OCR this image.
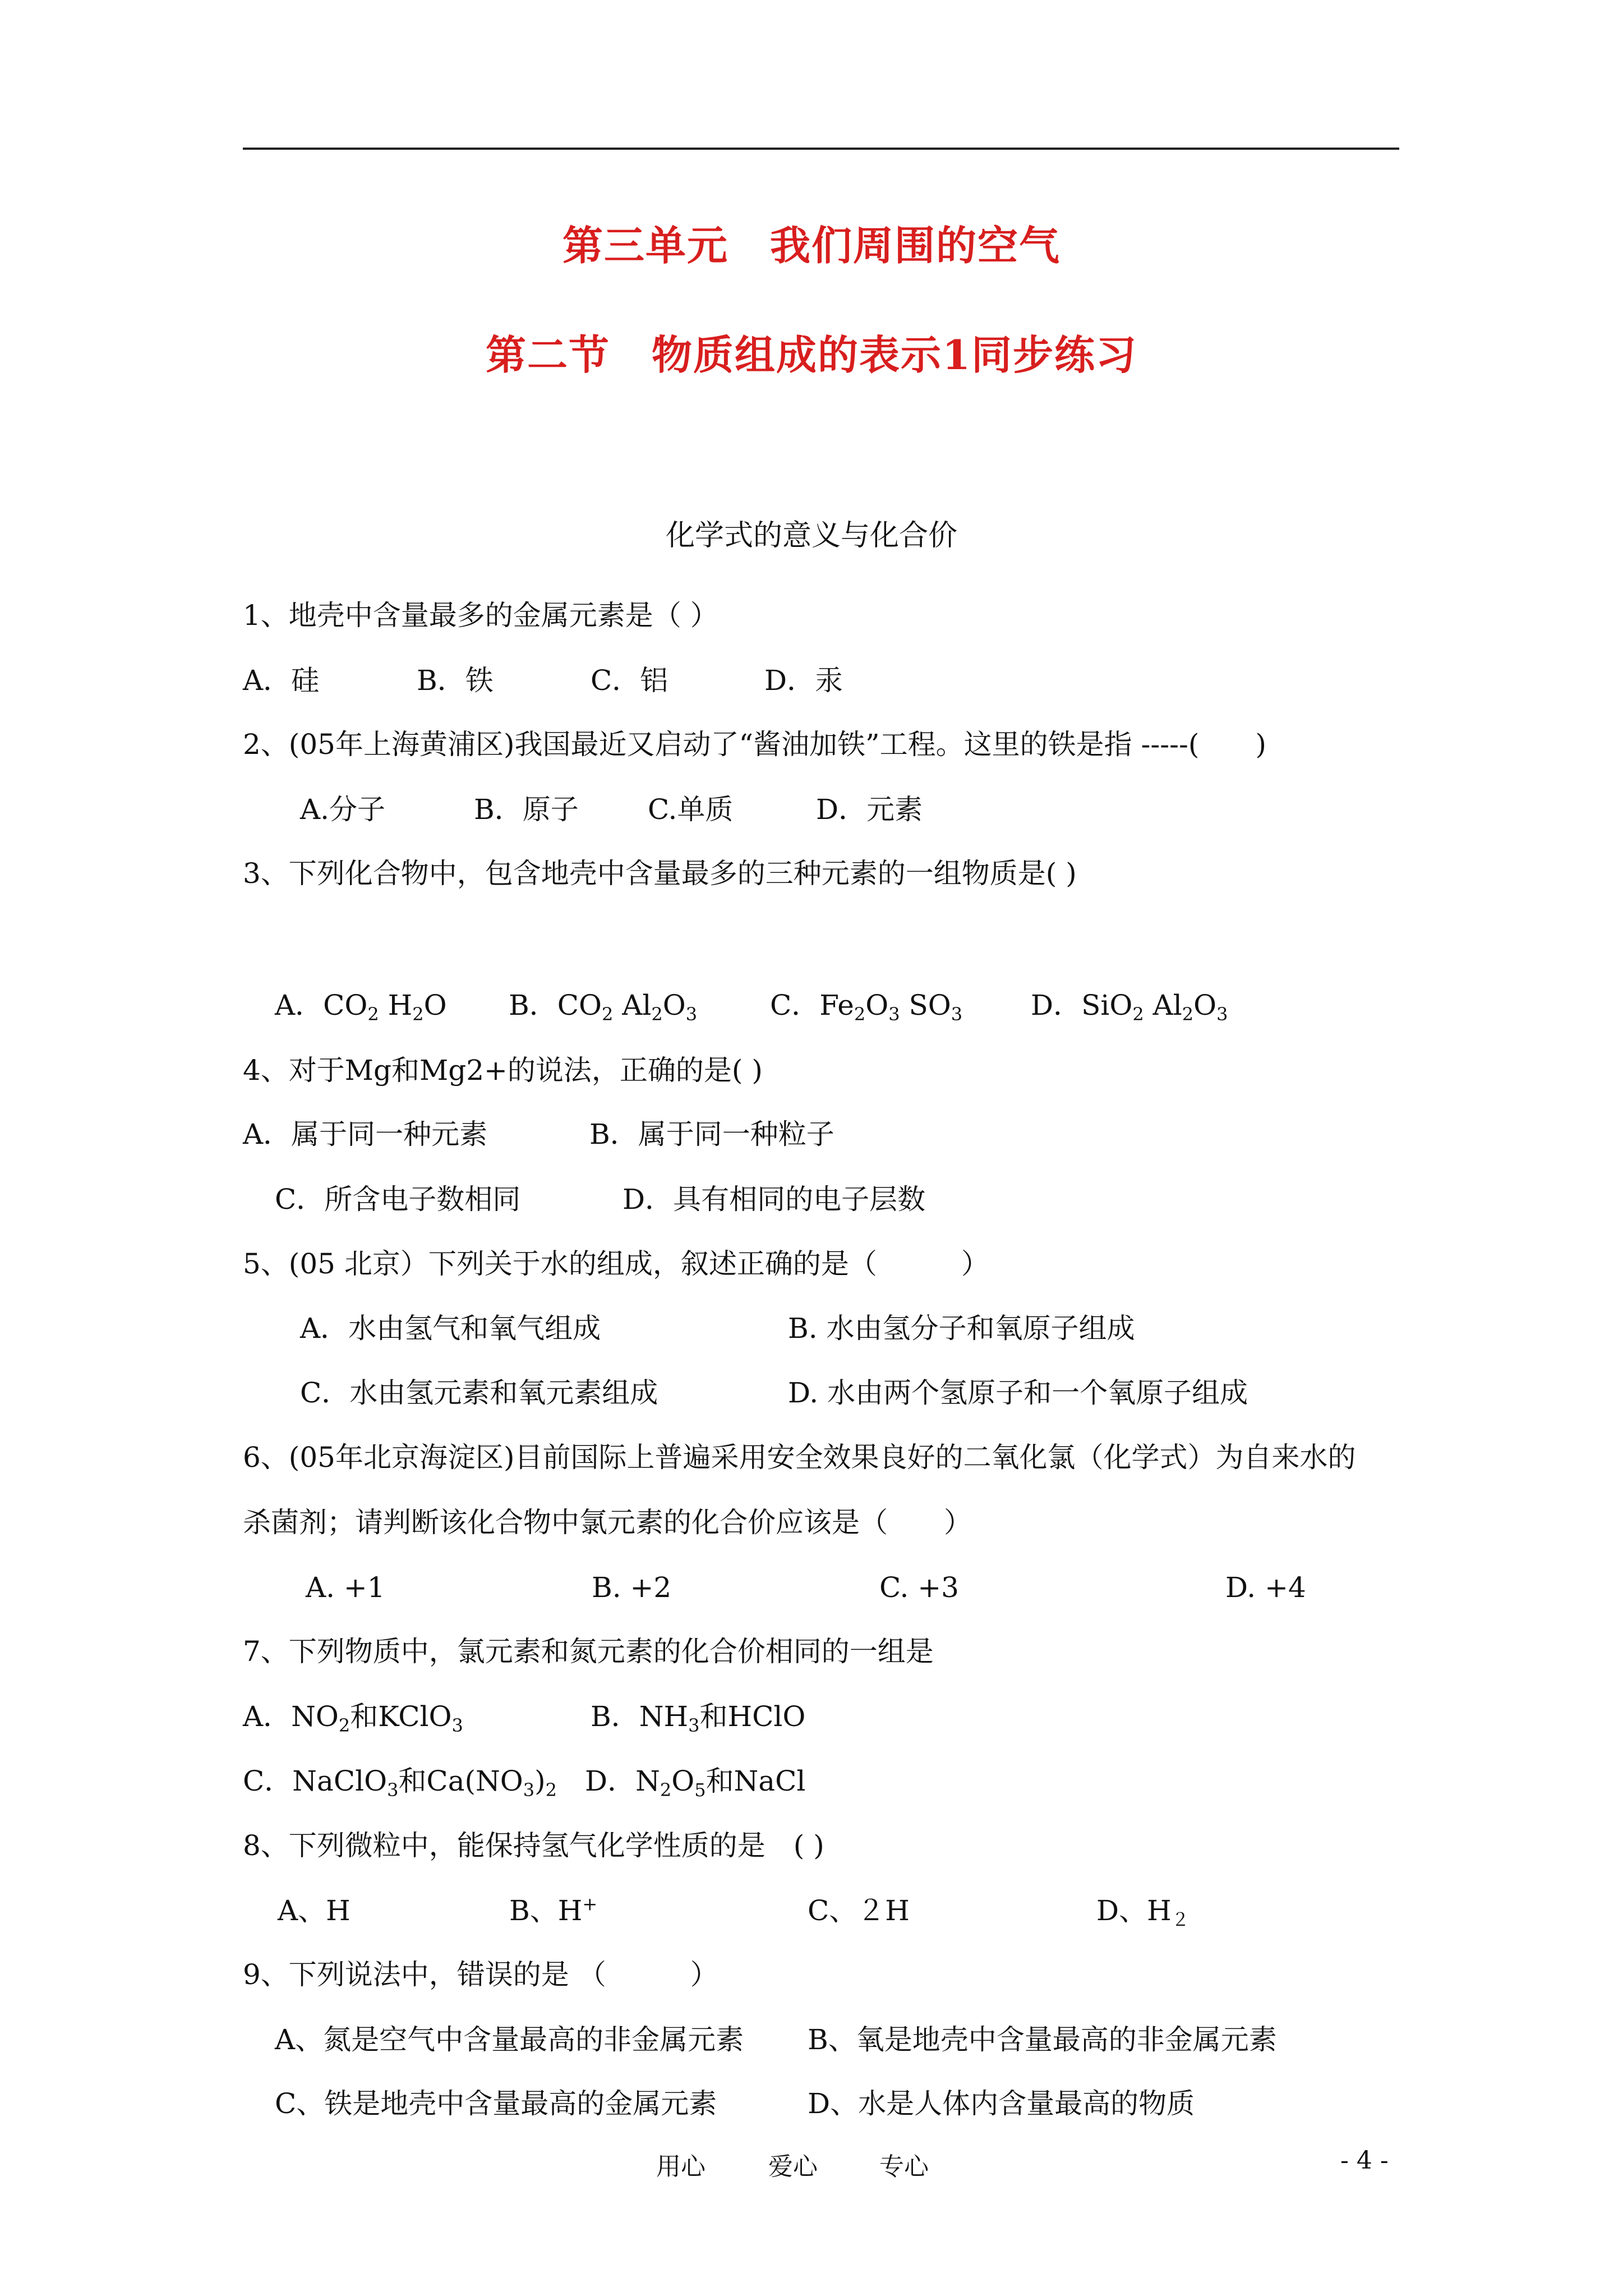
第三单元　我们周围的空气
第二节　物质组成的表示1同步练习
化学式的意义与化合价
1、地壳中含量最多的金属元素是（ ）
A．硅	B．铁	C．铝	D．汞
2、(05年上海黄浦区)我国最近又启动了“酱油加铁”工程。这里的铁是指 -----(　　)
A.分子	B．原子 C.单质	D．元素
3、下列化合物中，包含地壳中含量最多的三种元素的一组物质是( )
A．$CO_2$ $H_2O$ B．$CO_2$ $Al_2O_3$	C．$Fe_2O_3$ $SO_3$ D．SiO$_2$ $Al_2O_3$
4、对于Mg和Mg2+的说法，正确的是( )
A．属于同一种元素	B．属于同一种粒子
C．所含电子数相同	D．具有相同的电子层数
5、(05 北京）下列关于水的组成，叙述正确的是（　　　）
A．水由氢气和氧气组成	B. 水由氢分子和氧原子组成
C．水由氢元素和氧元素组成	D. 水由两个氢原子和一个氧原子组成
6、(05年北京海淀区)目前国际上普遍采用安全效果良好的二氧化氯（化学式）为自来水的
杀菌剂；请判断该化合物中氯元素的化合价应该是（　　）
A. +1	B. +2	C. +3	D. +4
7、下列物质中，氯元素和氮元素的化合价相同的一组是
A．$NO_2$和KClO$_3$	B．$NH_3$和HClO
C．NaClO$_3$和$Ca(NO_3)_2$ D．$N_2O_5$和NaCl
8、下列微粒中，能保持氢气化学性质的是　( )
A、H	B、H+	C、２H	D、$H_2$
9、下列说法中，错误的是 （　　　）
A、氮是空气中含量最高的非金属元素 B、氧是地壳中含量最高的非金属元素
C、铁是地壳中含量最高的金属元素	D、水是人体内含量最高的物质
用心	爱心	专心	- 4 -
